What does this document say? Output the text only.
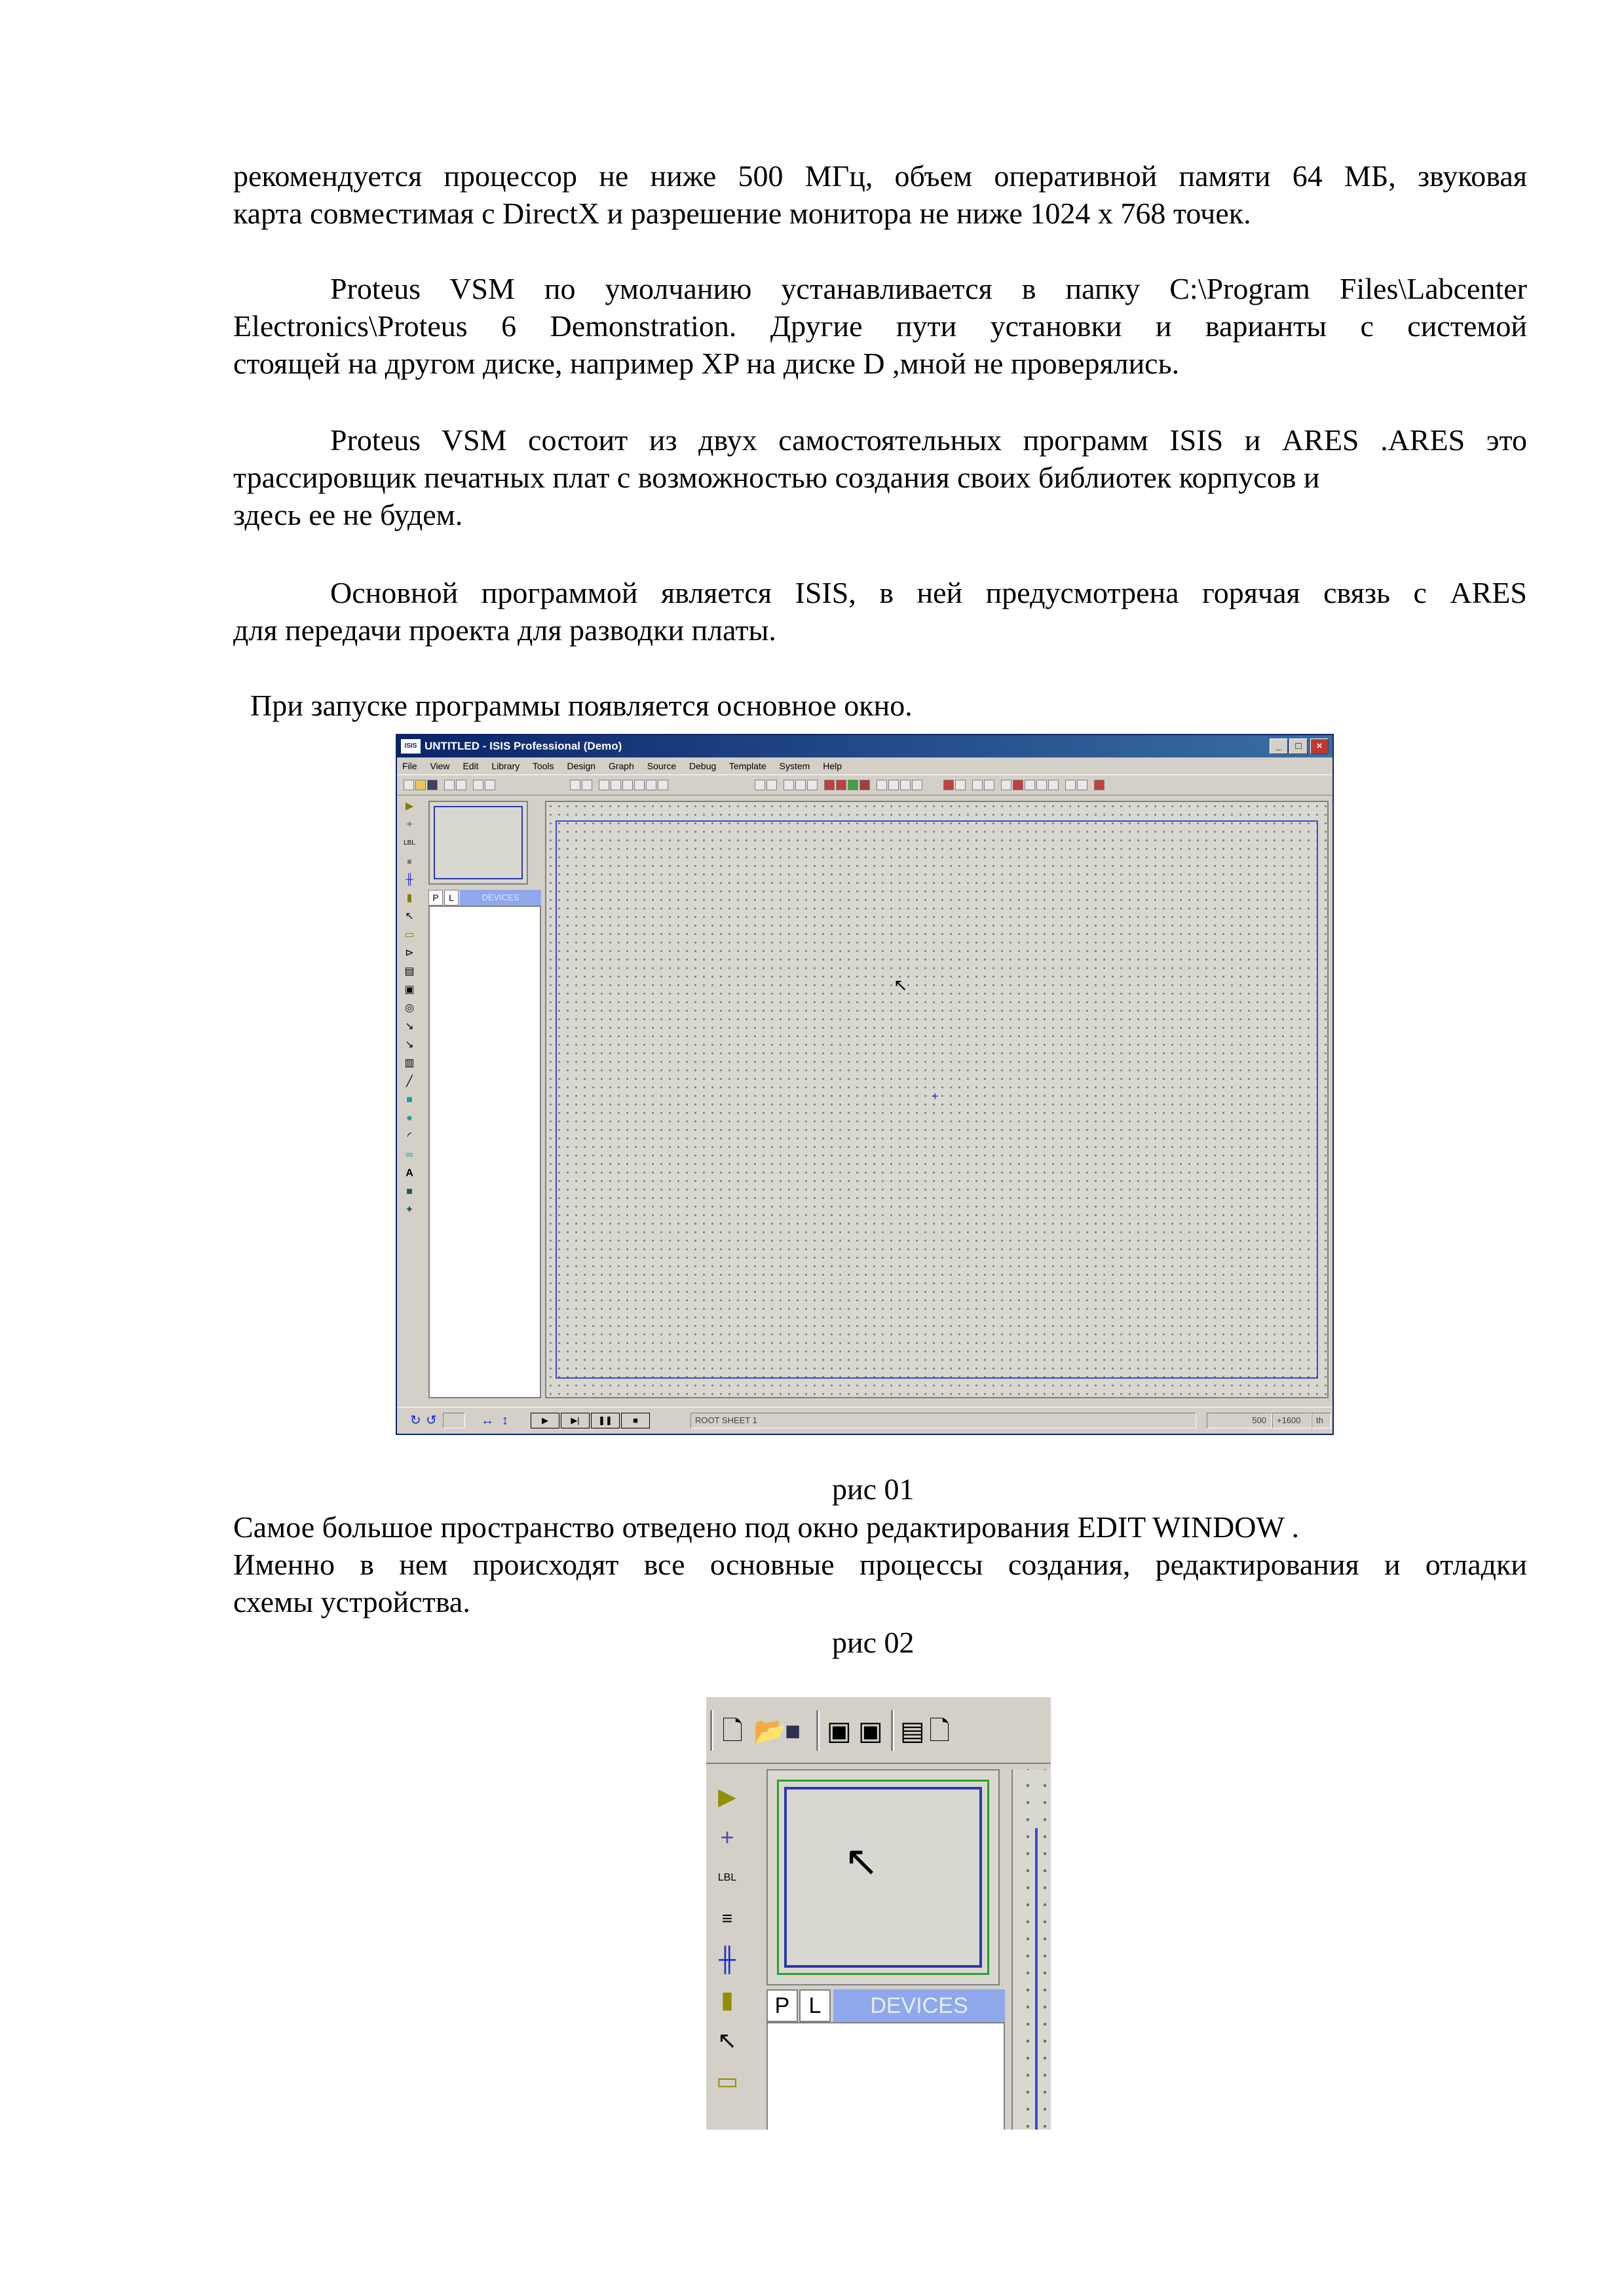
рекомендуется процессор не ниже 500 МГц, объем оперативной памяти 64 МБ, звуковая
карта совместимая с DirectX и разрешение монитора не ниже 1024 x 768 точек.

Proteus VSM по умолчанию устанавливается в папку C:\Program Files\Labcenter
Electronics\Proteus 6 Demonstration. Другие пути установки и варианты с системой
стоящей на другом диске, например XP на диске D ,мной не проверялись.

Proteus VSM состоит из двух самостоятельных программ ISIS и ARES .ARES это
трассировщик печатных плат с возможностью создания своих библиотек корпусов и
здесь ее не будем.

Основной программой является ISIS, в ней предусмотрена горячая связь с ARES
для передачи проекта для разводки платы.

При запуске программы появляется основное окно.

ISIS UNTITLED - ISIS Professional (Demo)	_	□	×
File View Edit Library Tools Design Graph Source Debug Template System Help
▶
+
LBL
≡
╫
▮
↖
▭
⊳
▤
▣
◎
↘
↘
▥
╱
■
●
◜
∞
A
■
✦
P	L	DEVICES
↖
+
↻ ↺	↔ ↕	▶	▶|	❚❚	■	ROOT SHEET 1	500	+1600	th
рис 01

Самое большое пространство отведено под окно редактирования EDIT WINDOW .
Именно в нем происходят все основные процессы создания, редактирования и отладки
схемы устройства.

рис 02
🗋 📂
■ ▣ ▣ ▤ 🗋
▶
+
LBL
≡
╫
▮
↖
▭
↖
P L	DEVICES
